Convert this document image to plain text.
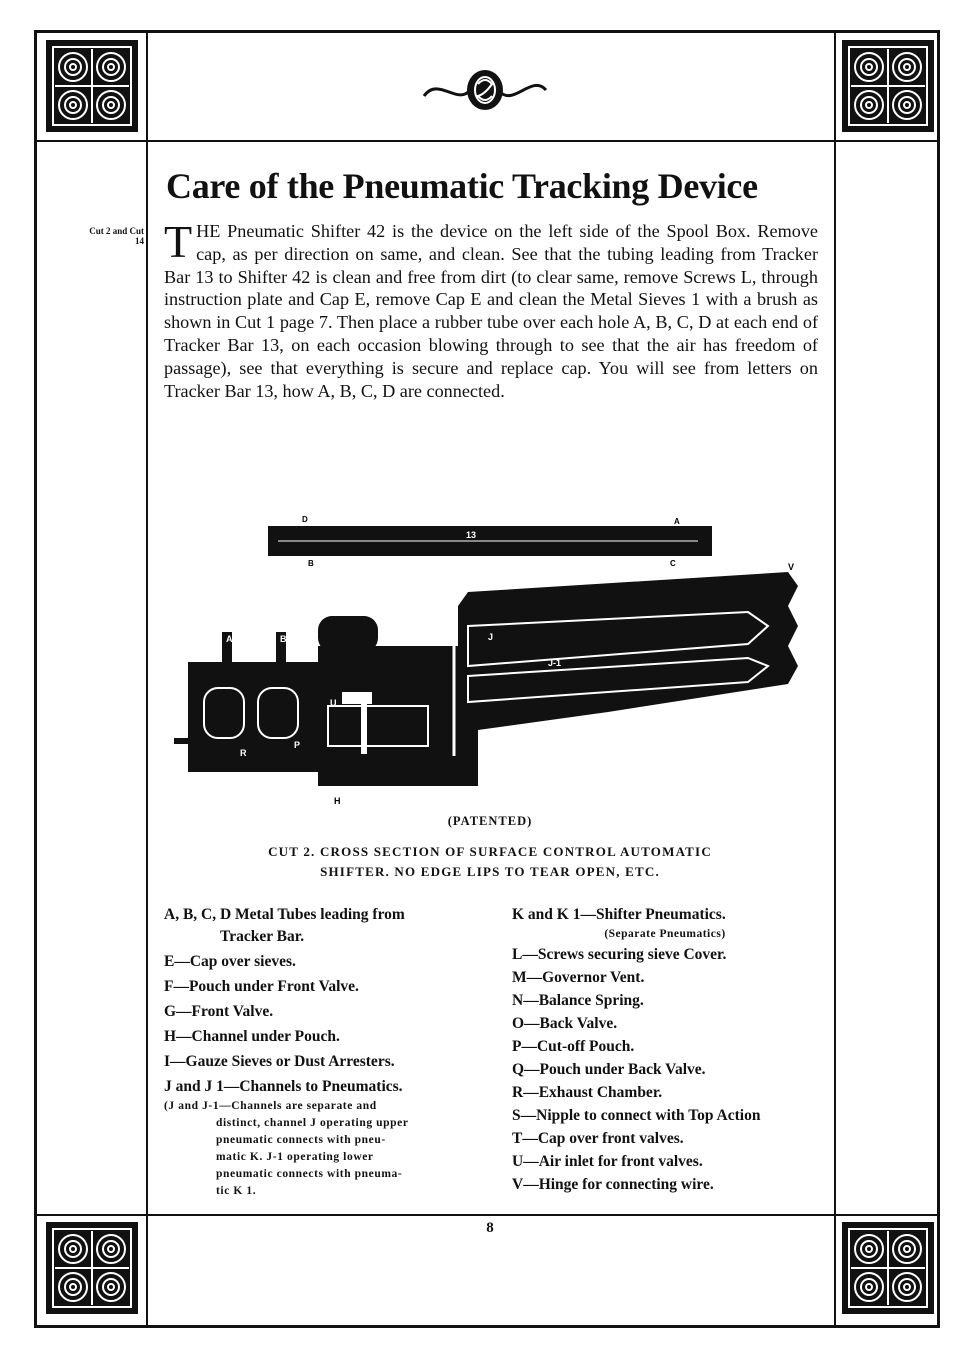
Cut 2 and Cut 14
Care of the Pneumatic Tracking Device

THE Pneumatic Shifter 42 is the device on the left side of the Spool Box. Remove cap, as per direction on same, and clean. See that the tubing leading from Tracker Bar 13 to Shifter 42 is clean and free from dirt (to clear same, remove Screws L, through instruction plate and Cap E, remove Cap E and clean the Metal Sieves 1 with a brush as shown in Cut 1 page 7. Then place a rubber tube over each hole A, B, C, D at each end of Tracker Bar 13, on each occasion blowing through to see that the air has freedom of passage), see that everything is secure and replace cap. You will see from letters on Tracker Bar 13, how A, B, C, D are connected.

D	A
B	C
13
A	B	J
J-1
U
R
P
V
H
(PATENTED)
CUT 2. CROSS SECTION OF SURFACE CONTROL AUTOMATIC
SHIFTER. NO EDGE LIPS TO TEAR OPEN, ETC.
A, B, C, D Metal Tubes leading from
Tracker Bar.
E—Cap over sieves.
F—Pouch under Front Valve.
G—Front Valve.
H—Channel under Pouch.
I—Gauze Sieves or Dust Arresters.
J and J 1—Channels to Pneumatics.
(J and J-1—Channels are separate and
distinct, channel J operating upper
pneumatic connects with pneu-
matic K. J-1 operating lower
pneumatic connects with pneuma-
tic K 1.
K and K 1—Shifter Pneumatics.
(Separate Pneumatics)
L—Screws securing sieve Cover.
M—Governor Vent.
N—Balance Spring.
O—Back Valve.
P—Cut-off Pouch.
Q—Pouch under Back Valve.
R—Exhaust Chamber.
S—Nipple to connect with Top Action
T—Cap over front valves.
U—Air inlet for front valves.
V—Hinge for connecting wire.
8
